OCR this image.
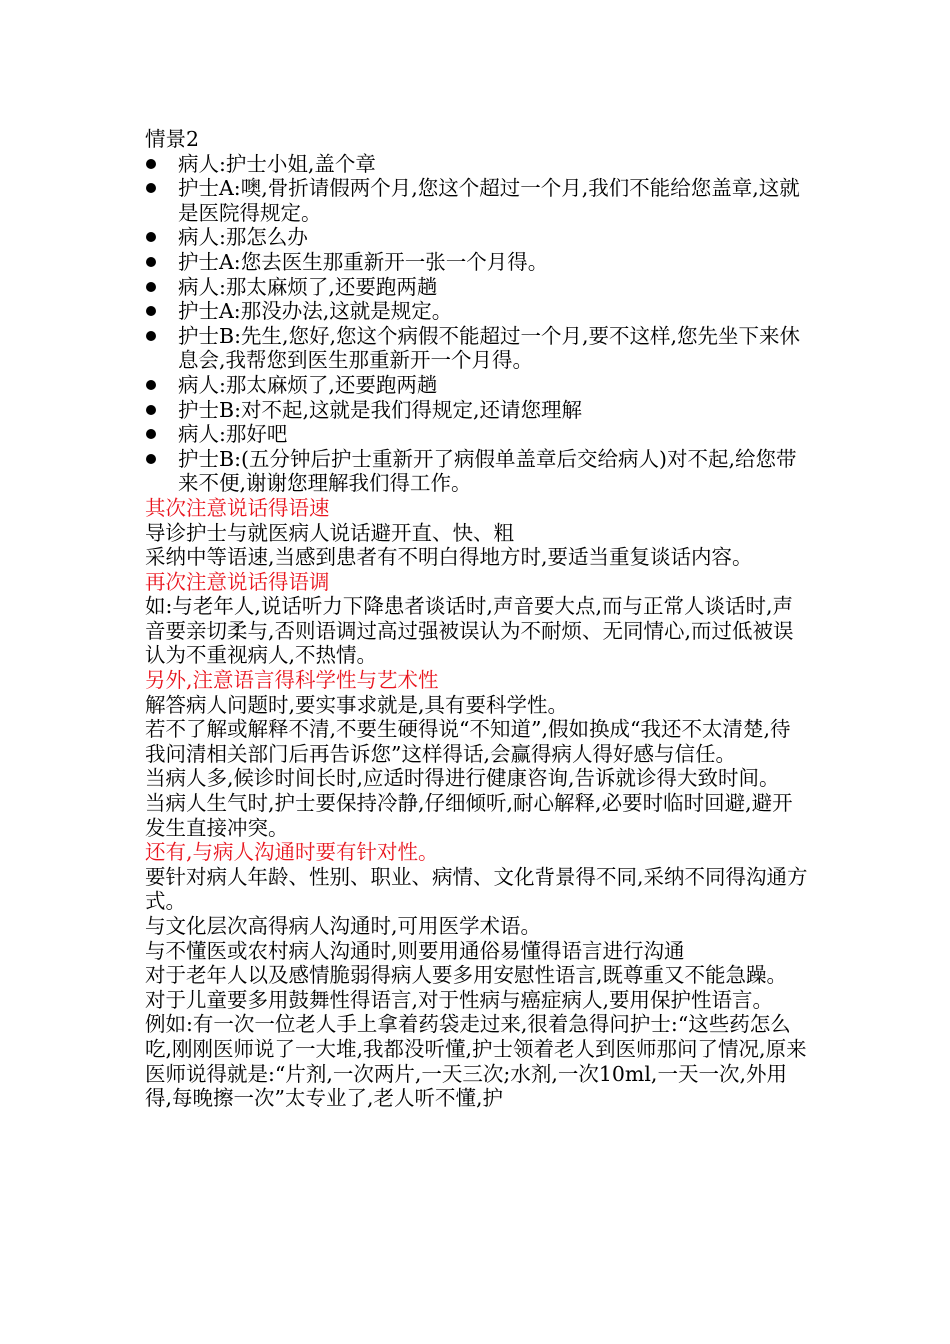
情景2

病人:护士小姐,盖个章
护士A:噢,骨折请假两个月,您这个超过一个月,我们不能给您盖章,这就是医院得规定。
病人:那怎么办
护士A:您去医生那重新开一张一个月得。
病人:那太麻烦了,还要跑两趟
护士A:那没办法,这就是规定。
护士B:先生,您好,您这个病假不能超过一个月,要不这样,您先坐下来休息会,我帮您到医生那重新开一个月得。
病人:那太麻烦了,还要跑两趟
护士B:对不起,这就是我们得规定,还请您理解
病人:那好吧
护士B:(五分钟后护士重新开了病假单盖章后交给病人)对不起,给您带来不便,谢谢您理解我们得工作。

其次注意说话得语速

导诊护士与就医病人说话避开直、快、粗

采纳中等语速,当感到患者有不明白得地方时,要适当重复谈话内容。

再次注意说话得语调

如:与老年人,说话听力下降患者谈话时,声音要大点,而与正常人谈话时,声音要亲切柔与,否则语调过高过强被误认为不耐烦、无同情心,而过低被误认为不重视病人,不热情。

另外,注意语言得科学性与艺术性

解答病人问题时,要实事求就是,具有要科学性。

若不了解或解释不清,不要生硬得说“不知道”,假如换成“我还不太清楚,待我问清相关部门后再告诉您”这样得话,会赢得病人得好感与信任。

当病人多,候诊时间长时,应适时得进行健康咨询,告诉就诊得大致时间。

当病人生气时,护士要保持冷静,仔细倾听,耐心解释,必要时临时回避,避开发生直接冲突。

还有,与病人沟通时要有针对性。

要针对病人年龄、性别、职业、病情、文化背景得不同,采纳不同得沟通方式。

与文化层次高得病人沟通时,可用医学术语。

与不懂医或农村病人沟通时,则要用通俗易懂得语言进行沟通

对于老年人以及感情脆弱得病人要多用安慰性语言,既尊重又不能急躁。

对于儿童要多用鼓舞性得语言,对于性病与癌症病人,要用保护性语言。

例如:有一次一位老人手上拿着药袋走过来,很着急得问护士:“这些药怎么吃,刚刚医师说了一大堆,我都没听懂,护士领着老人到医师那问了情况,原来医师说得就是:“片剂,一次两片,一天三次;水剂,一次10ml,一天一次,外用得,每晚擦一次”太专业了,老人听不懂,护
